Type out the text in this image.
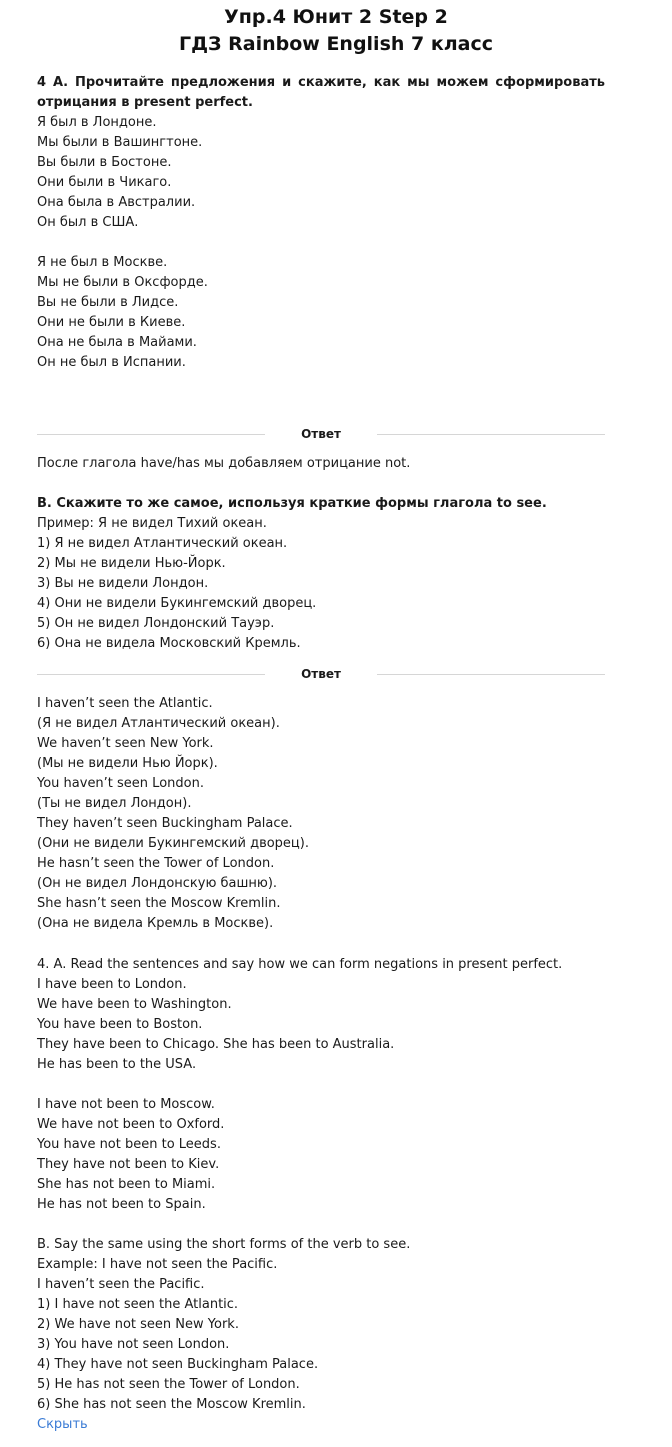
Упр.4 Юнит 2 Step 2
ГДЗ Rainbow English 7 класс
4 А. Прочитайте предложения и скажите, как мы можем сформировать
отрицания в present perfect.
Я был в Лондоне.
Мы были в Вашингтоне.
Вы были в Бостоне.
Они были в Чикаго.
Она была в Австралии.
Он был в США.
Я не был в Москве.
Мы не были в Оксфорде.
Вы не были в Лидсе.
Они не были в Киеве.
Она не была в Майами.
Он не был в Испании.
Ответ
После глагола have/has мы добавляем отрицание not.
В. Скажите то же самое, используя краткие формы глагола to see.
Пример: Я не видел Тихий океан.
1) Я не видел Атлантический океан.
2) Мы не видели Нью-Йорк.
3) Вы не видели Лондон.
4) Они не видели Букингемский дворец.
5) Он не видел Лондонский Тауэр.
6) Она не видела Московский Кремль.
Ответ
I haven’t seen the Atlantic.
(Я не видел Атлантический океан).
We haven’t seen New York.
(Мы не видели Нью Йорк).
You haven’t seen London.
(Ты не видел Лондон).
They haven’t seen Buckingham Palace.
(Они не видели Букингемский дворец).
He hasn’t seen the Tower of London.
(Он не видел Лондонскую башню).
She hasn’t seen the Moscow Kremlin.
(Она не видела Кремль в Москве).
4. A. Read the sentences and say how we can form negations in present perfect.
I have been to London.
We have been to Washington.
You have been to Boston.
They have been to Chicago. She has been to Australia.
He has been to the USA.
I have not been to Moscow.
We have not been to Oxford.
You have not been to Leeds.
They have not been to Kiev.
She has not been to Miami.
He has not been to Spain.
B. Say the same using the short forms of the verb to see.
Example: I have not seen the Pacific.
I haven’t seen the Pacific.
1) I have not seen the Atlantic.
2) We have not seen New York.
3) You have not seen London.
4) They have not seen Buckingham Palace.
5) He has not seen the Tower of London.
6) She has not seen the Moscow Kremlin.
Скрыть
